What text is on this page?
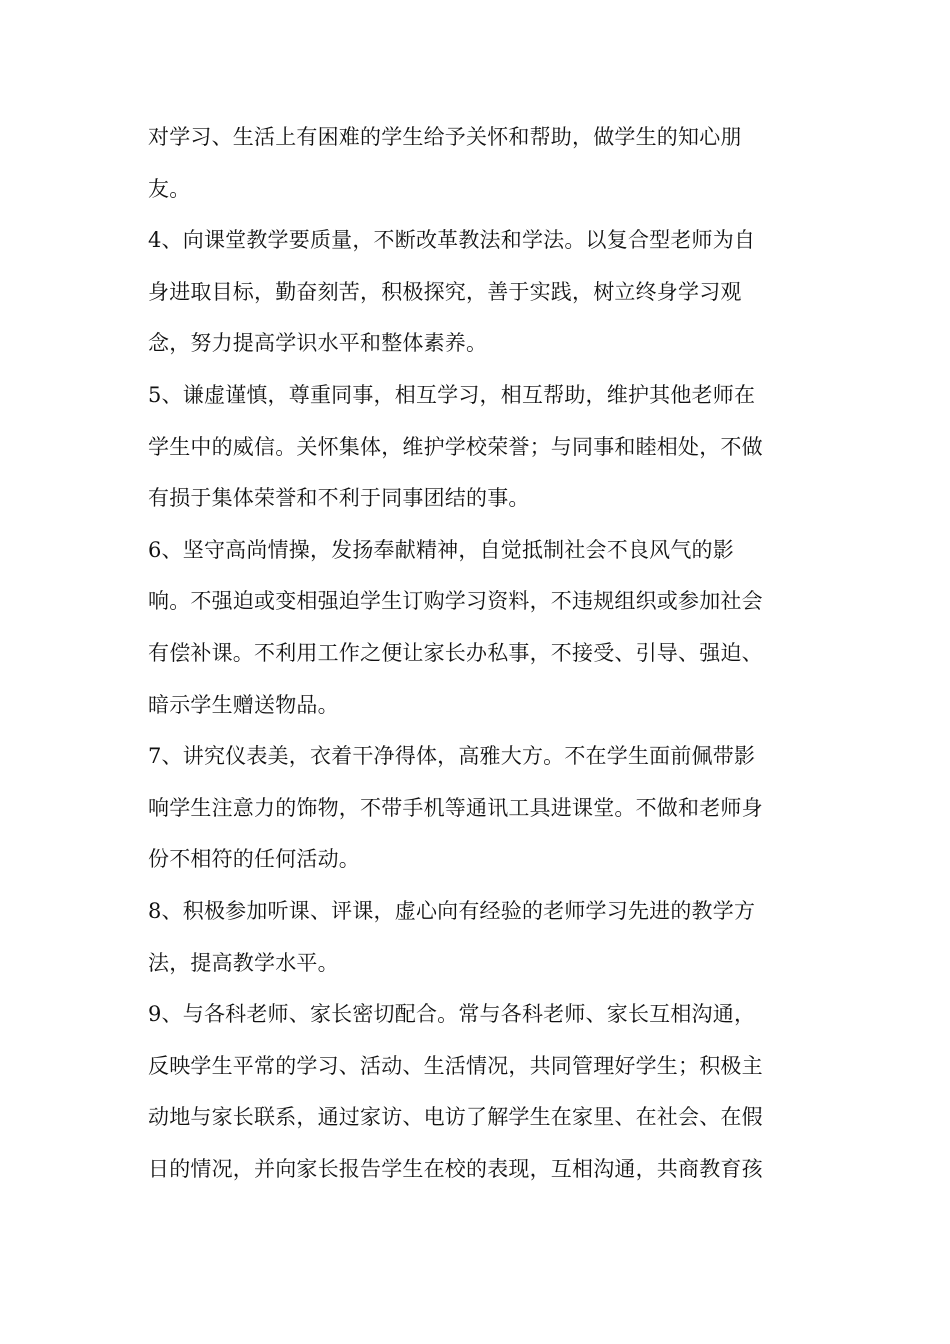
对学习、生活上有困难的学生给予关怀和帮助，做学生的知心朋
友。
4、向课堂教学要质量，不断改革教法和学法。以复合型老师为自
身进取目标，勤奋刻苦，积极探究，善于实践，树立终身学习观
念，努力提高学识水平和整体素养。
5、谦虚谨慎，尊重同事，相互学习，相互帮助，维护其他老师在
学生中的威信。关怀集体，维护学校荣誉；与同事和睦相处，不做
有损于集体荣誉和不利于同事团结的事。
6、坚守高尚情操，发扬奉献精神，自觉抵制社会不良风气的影
响。不强迫或变相强迫学生订购学习资料，不违规组织或参加社会
有偿补课。不利用工作之便让家长办私事，不接受、引导、强迫、
暗示学生赠送物品。
7、讲究仪表美，衣着干净得体，高雅大方。不在学生面前佩带影
响学生注意力的饰物，不带手机等通讯工具进课堂。不做和老师身
份不相符的任何活动。
8、积极参加听课、评课，虚心向有经验的老师学习先进的教学方
法，提高教学水平。
9、与各科老师、家长密切配合。常与各科老师、家长互相沟通，
反映学生平常的学习、活动、生活情况，共同管理好学生；积极主
动地与家长联系，通过家访、电访了解学生在家里、在社会、在假
日的情况，并向家长报告学生在校的表现，互相沟通，共商教育孩
